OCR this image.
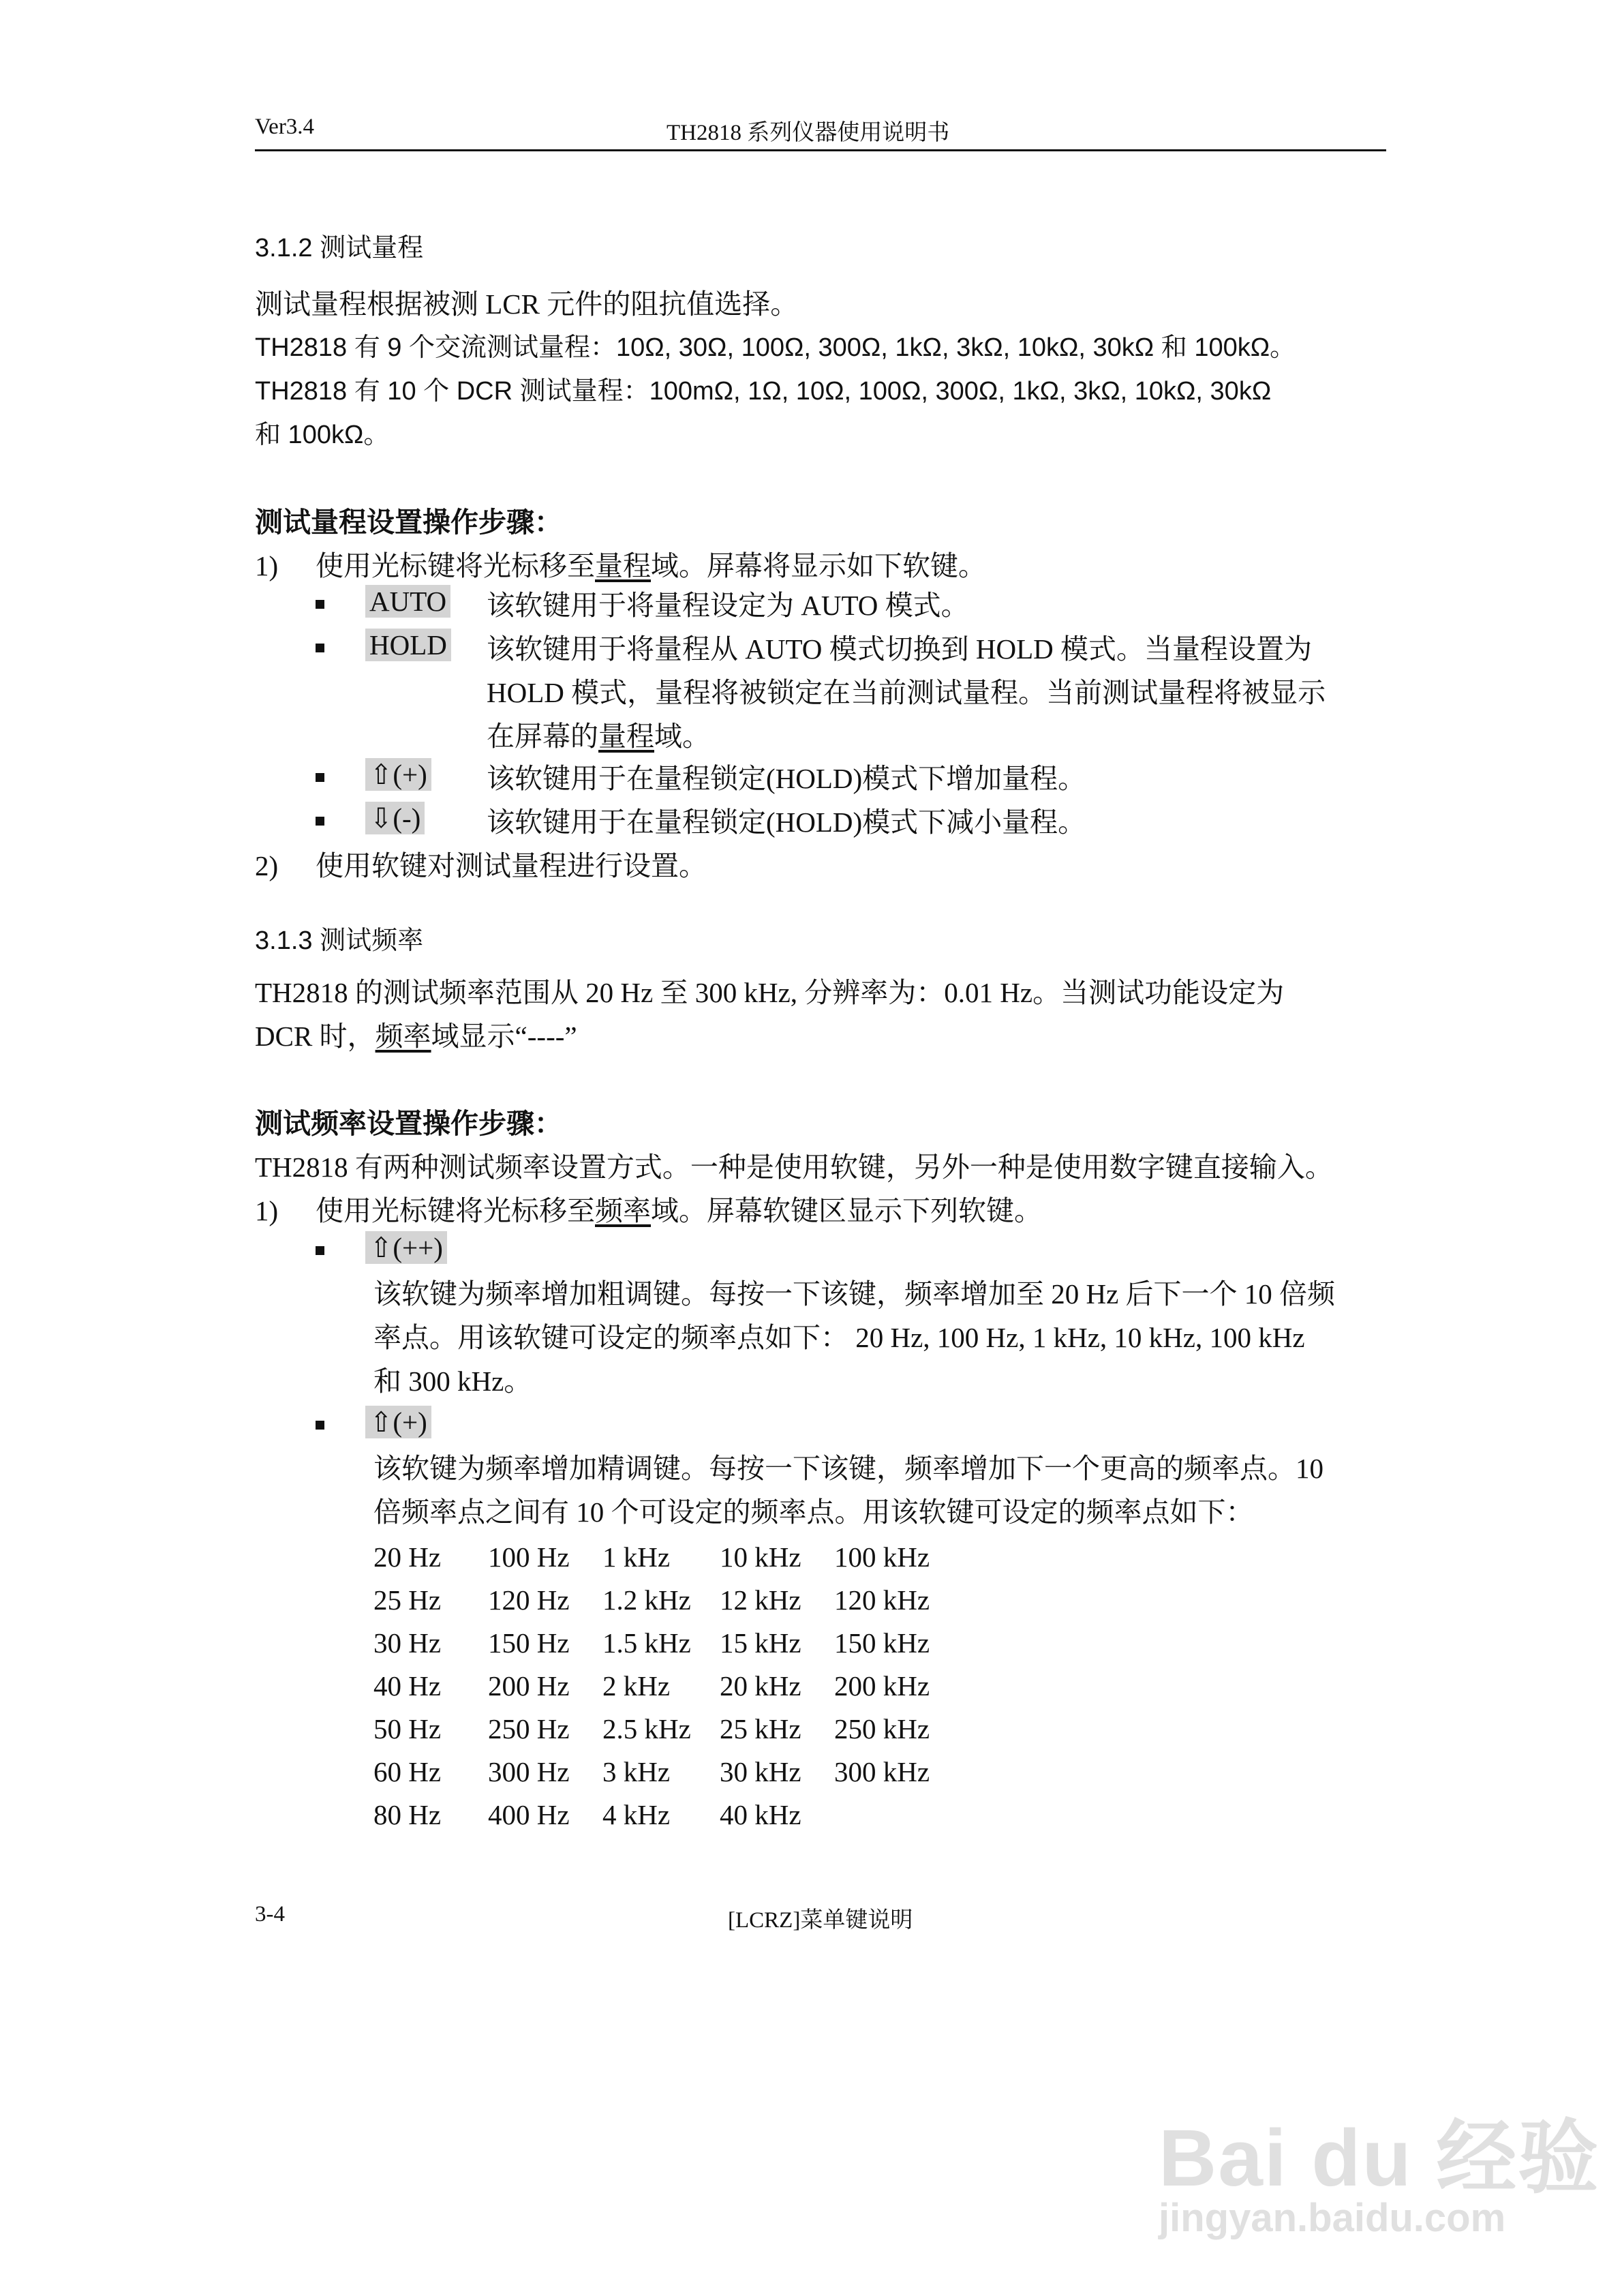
Ver3.4	TH2818 系列仪器使用说明书
3.1.2 测试量程
测试量程根据被测 LCR 元件的阻抗值选择。
TH2818 有 9 个交流测试量程：10Ω, 30Ω, 100Ω, 300Ω, 1kΩ, 3kΩ, 10kΩ, 30kΩ 和 100kΩ。
TH2818 有 10 个 DCR 测试量程：100mΩ, 1Ω, 10Ω, 100Ω, 300Ω, 1kΩ, 3kΩ, 10kΩ, 30kΩ
和 100kΩ。
测试量程设置操作步骤：
1) 使用光标键将光标移至量程域。屏幕将显示如下软键。
AUTO 该软键用于将量程设定为 AUTO 模式。
HOLD 该软键用于将量程从 AUTO 模式切换到 HOLD 模式。当量程设置为
HOLD 模式，量程将被锁定在当前测试量程。当前测试量程将被显示
在屏幕的量程域。
⇧(+) 该软键用于在量程锁定(HOLD)模式下增加量程。
⇩(-) 该软键用于在量程锁定(HOLD)模式下减小量程。
2) 使用软键对测试量程进行设置。
3.1.3 测试频率
TH2818 的测试频率范围从 20 Hz 至 300 kHz, 分辨率为：0.01 Hz。当测试功能设定为
DCR 时，频率域显示“----”
测试频率设置操作步骤：
TH2818 有两种测试频率设置方式。一种是使用软键，另外一种是使用数字键直接输入。
1) 使用光标键将光标移至频率域。屏幕软键区显示下列软键。
⇧(++)
该软键为频率增加粗调键。每按一下该键，频率增加至 20 Hz 后下一个 10 倍频
率点。用该软键可设定的频率点如下： 20 Hz, 100 Hz, 1 kHz, 10 kHz, 100 kHz
和 300 kHz。
⇧(+)
该软键为频率增加精调键。每按一下该键，频率增加下一个更高的频率点。10
倍频率点之间有 10 个可设定的频率点。用该软键可设定的频率点如下：
20 Hz	100 Hz	1 kHz	10 kHz	100 kHz
25 Hz	120 Hz	1.2 kHz	12 kHz	120 kHz
30 Hz	150 Hz	1.5 kHz	15 kHz	150 kHz
40 Hz	200 Hz	2 kHz	20 kHz	200 kHz
50 Hz	250 Hz	2.5 kHz	25 kHz	250 kHz
60 Hz	300 Hz	3 kHz	30 kHz	300 kHz
80 Hz	400 Hz	4 kHz	40 kHz	
3-4	[LCRZ]菜单键说明
Bai du 经验
jingyan.baidu.com
